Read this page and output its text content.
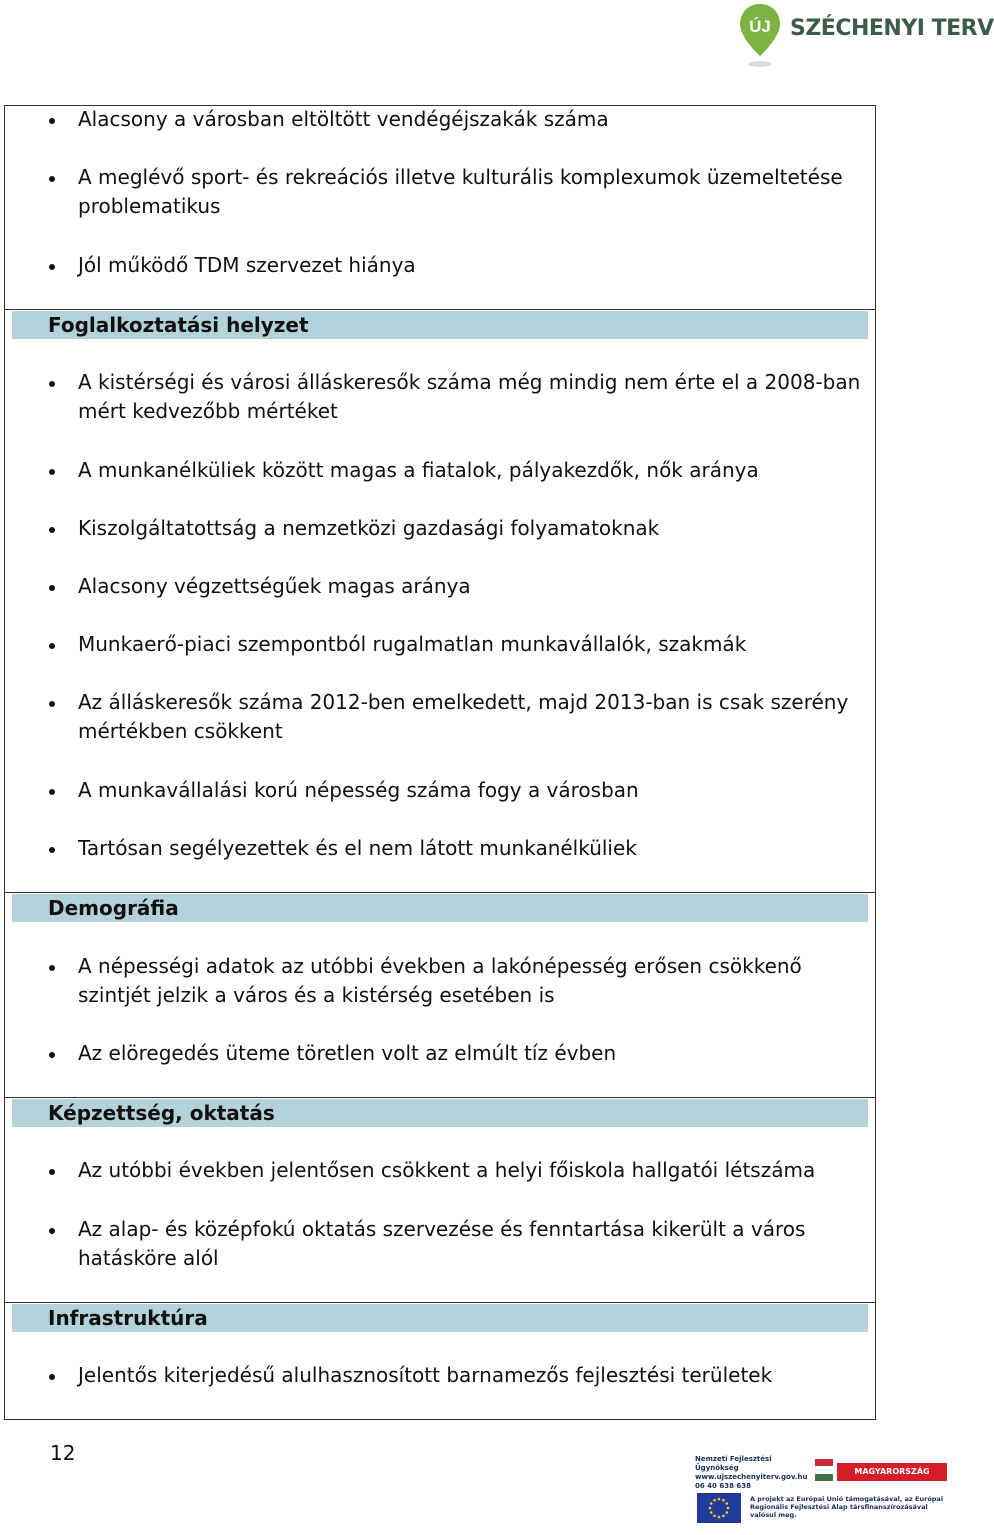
ÚJ SZÉCHENYI TERV
Alacsony a városban eltöltött vendégéjszakák száma
A meglévő sport- és rekreációs illetve kulturális komplexumok üzemeltetése problematikus
Jól működő TDM szervezet hiánya
Foglalkoztatási helyzet
A kistérségi és városi álláskeresők száma még mindig nem érte el a 2008-ban mért kedvezőbb mértéket
A munkanélküliek között magas a fiatalok, pályakezdők, nők aránya
Kiszolgáltatottság a nemzetközi gazdasági folyamatoknak
Alacsony végzettségűek magas aránya
Munkaerő-piaci szempontból rugalmatlan munkavállalók, szakmák
Az álláskeresők száma 2012-ben emelkedett, majd 2013-ban is csak szerény mértékben csökkent
A munkavállalási korú népesség száma fogy a városban
Tartósan segélyezettek és el nem látott munkanélküliek
Demográfia
A népességi adatok az utóbbi években a lakónépesség erősen csökkenő szintjét jelzik a város és a kistérség esetében is
Az elöregedés üteme töretlen volt az elmúlt tíz évben
Képzettség, oktatás
Az utóbbi években jelentősen csökkent a helyi főiskola hallgatói létszáma
Az alap- és középfokú oktatás szervezése és fenntartása kikerült a város hatásköre alól
Infrastruktúra
Jelentős kiterjedésű alulhasznosított barnamezős fejlesztési területek
12	Nemzeti Fejlesztési Ügynökség
www.ujszechenyiterv.gov.hu
06 40 638 638
MAGYARORSZÁG MEGÚJUL
A projekt az Európai Unió támogatásával, az Európai
Regionális Fejlesztési Alap társfinanszírozásával valósul meg.
